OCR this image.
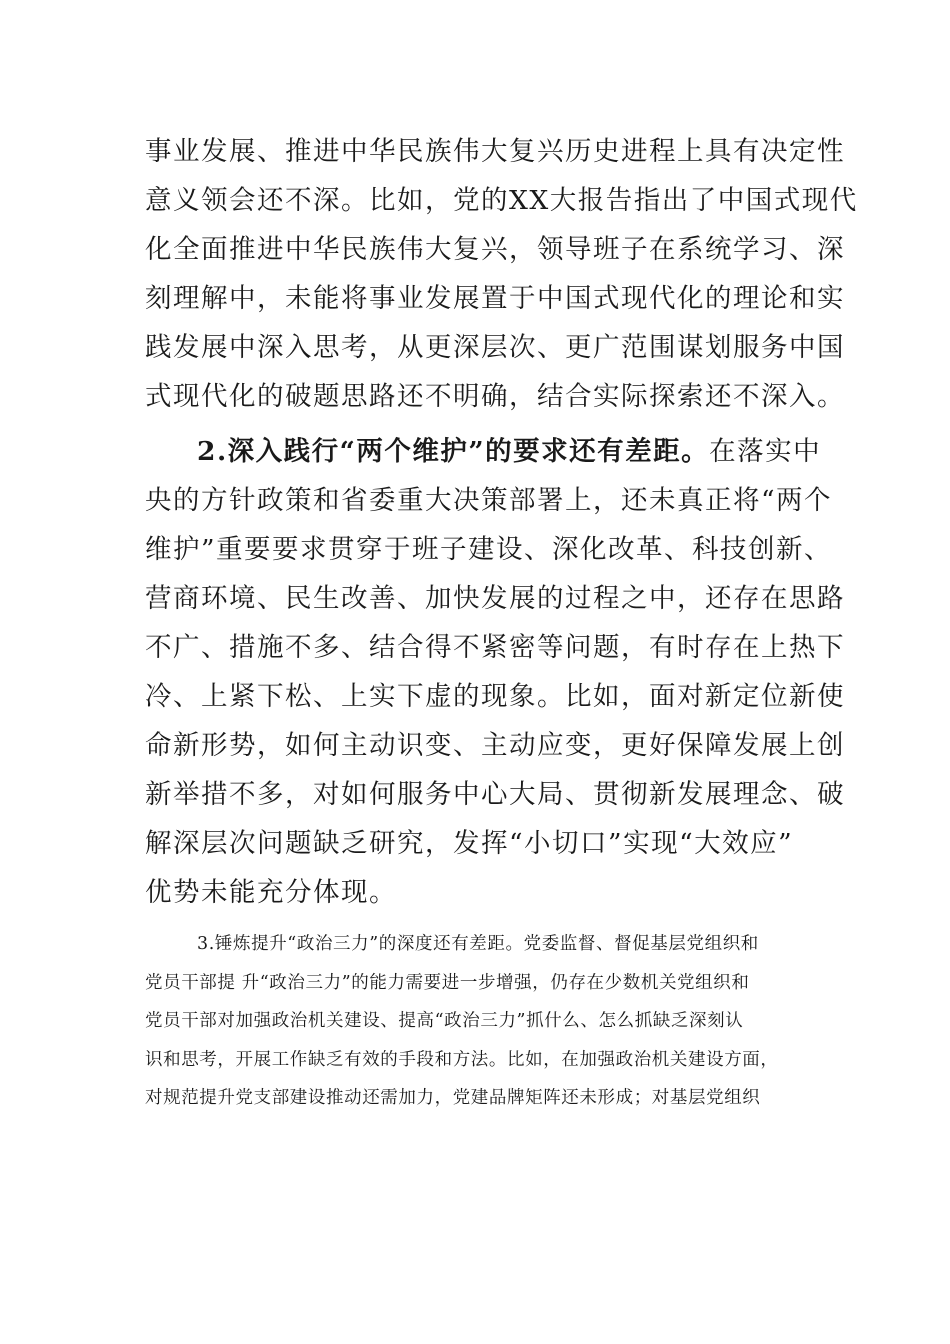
事业发展、推进中华民族伟大复兴历史进程上具有决定性
意义领会还不深。比如，党的XX大报告指出了中国式现代
化全面推进中华民族伟大复兴，领导班子在系统学习、深
刻理解中，未能将事业发展置于中国式现代化的理论和实
践发展中深入思考，从更深层次、更广范围谋划服务中国
式现代化的破题思路还不明确，结合实际探索还不深入。
2.深入践行“两个维护”的要求还有差距。在落实中
央的方针政策和省委重大决策部署上，还未真正将“两个
维护”重要要求贯穿于班子建设、深化改革、科技创新、
营商环境、民生改善、加快发展的过程之中，还存在思路
不广、措施不多、结合得不紧密等问题，有时存在上热下
冷、上紧下松、上实下虚的现象。比如，面对新定位新使
命新形势，如何主动识变、主动应变，更好保障发展上创
新举措不多，对如何服务中心大局、贯彻新发展理念、破
解深层次问题缺乏研究，发挥“小切口”实现“大效应”
优势未能充分体现。
3.锤炼提升“政治三力”的深度还有差距。党委监督、督促基层党组织和
党员干部提 升“政治三力”的能力需要进一步增强，仍存在少数机关党组织和
党员干部对加强政治机关建设、提高“政治三力”抓什么、怎么抓缺乏深刻认
识和思考，开展工作缺乏有效的手段和方法。比如，在加强政治机关建设方面，
对规范提升党支部建设推动还需加力，党建品牌矩阵还未形成；对基层党组织
